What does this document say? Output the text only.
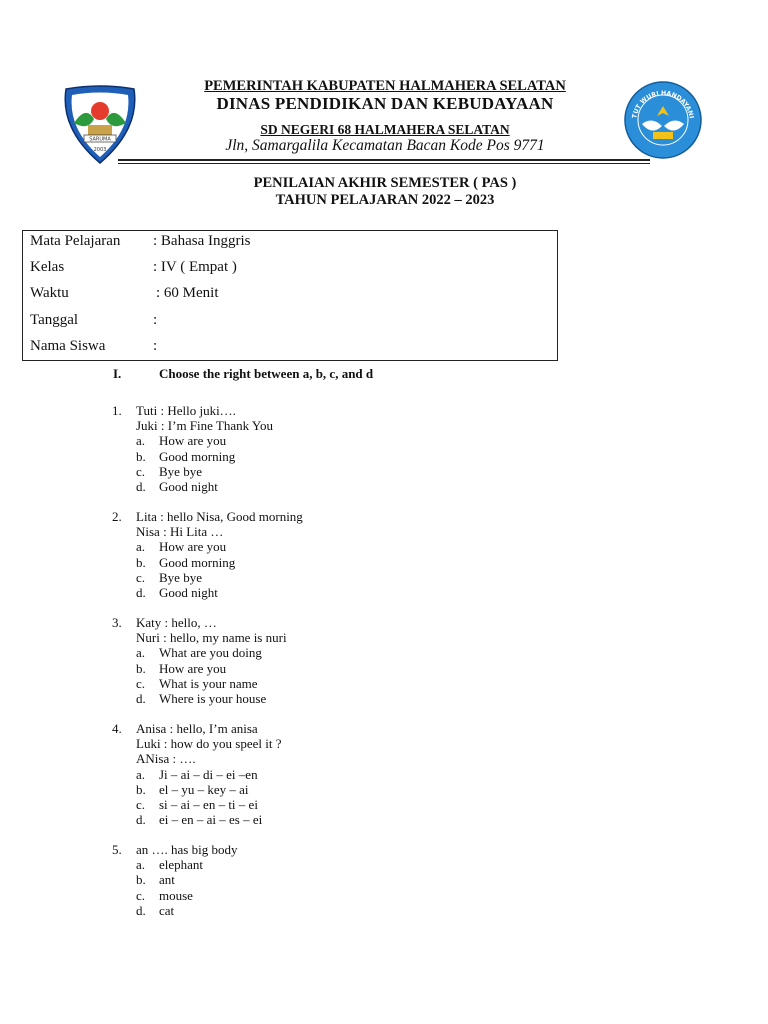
SARUMA
2003
TUT WURI HANDAYANI
PEMERINTAH KABUPATEN HALMAHERA SELATAN
DINAS PENDIDIKAN DAN KEBUDAYAAN
SD NEGERI 68 HALMAHERA SELATAN
Jln, Samargalila Kecamatan Bacan Kode Pos 9771
PENILAIAN AKHIR SEMESTER ( PAS )
TAHUN PELAJARAN 2022 – 2023
Mata Pelajaran : Bahasa Inggris
Kelas	: IV ( Empat )
Waktu	: 60 Menit
Tanggal	:
Nama Siswa	:
I.	Choose the right between a, b, c, and d
1.	Tuti : Hello juki….
Juki : I’m Fine Thank You
a.	How are you
b.	Good morning
c.	Bye bye
d.	Good night
2.	Lita : hello Nisa, Good morning
Nisa : Hi Lita …
a.	How are you
b.	Good morning
c.	Bye bye
d.	Good night
3.	Katy : hello, …
Nuri : hello, my name is nuri
a.	What are you doing
b.	How are you
c.	What is your name
d.	Where is your house
4.	Anisa : hello, I’m anisa
Luki : how do you speel it ?
ANisa : ….
a.	Ji – ai – di – ei –en
b.	el – yu – key – ai
c.	si – ai – en – ti – ei
d.	ei – en – ai – es – ei
5.	an …. has big body
a.	elephant
b.	ant
c.	mouse
d.	cat
